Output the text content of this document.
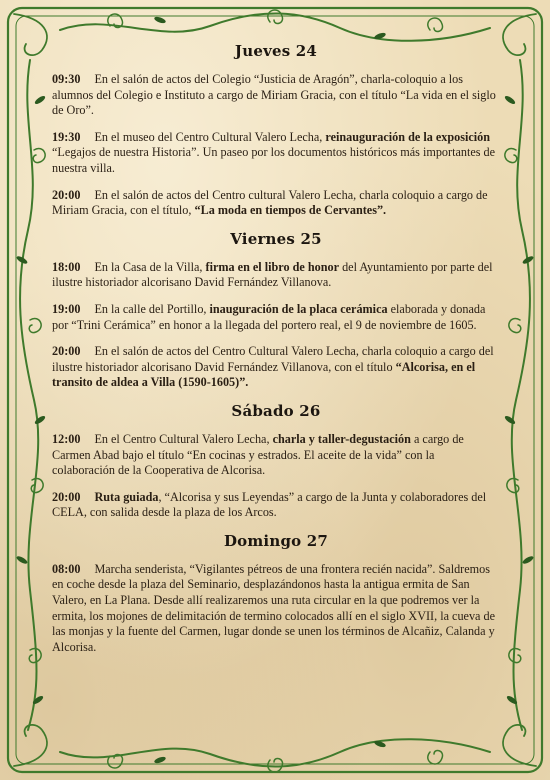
Jueves 24

09:30 En el salón de actos del Colegio “Justicia de Aragón”, charla-coloquio a los alumnos del Colegio e Instituto a cargo de Miriam Gracia, con el título “La vida en el siglo de Oro”.

19:30 En el museo del Centro Cultural Valero Lecha, reinauguración de la exposición “Legajos de nuestra Historia”. Un paseo por los documentos históricos más importantes de nuestra villa.

20:00 En el salón de actos del Centro cultural Valero Lecha, charla coloquio a cargo de Miriam Gracia, con el título, “La moda en tiempos de Cervantes”.

Viernes 25

18:00 En la Casa de la Villa, firma en el libro de honor del Ayuntamiento por parte del ilustre historiador alcorisano David Fernández Villanova.

19:00 En la calle del Portillo, inauguración de la placa cerámica elaborada y donada por “Trini Cerámica” en honor a la llegada del portero real, el 9 de noviembre de 1605.

20:00 En el salón de actos del Centro Cultural Valero Lecha, charla coloquio a cargo del ilustre historiador alcorisano David Fernández Villanova, con el título “Alcorisa, en el transito de aldea a Villa (1590-1605)”.

Sábado 26

12:00 En el Centro Cultural Valero Lecha, charla y taller-degustación a cargo de Carmen Abad bajo el título “En cocinas y estrados. El aceite de la vida” con la colaboración de la Cooperativa de Alcorisa.

20:00 Ruta guiada, “Alcorisa y sus Leyendas” a cargo de la Junta y colaboradores del CELA, con salida desde la plaza de los Arcos.

Domingo 27

08:00 Marcha senderista, “Vigilantes pétreos de una frontera recién nacida”. Saldremos en coche desde la plaza del Seminario, desplazándonos hasta la antigua ermita de San Valero, en La Plana. Desde allí realizaremos una ruta circular en la que podremos ver la ermita, los mojones de delimitación de termino colocados allí en el siglo XVII, la cueva de las monjas y la fuente del Carmen, lugar donde se unen los términos de Alcañiz, Calanda y Alcorisa.
